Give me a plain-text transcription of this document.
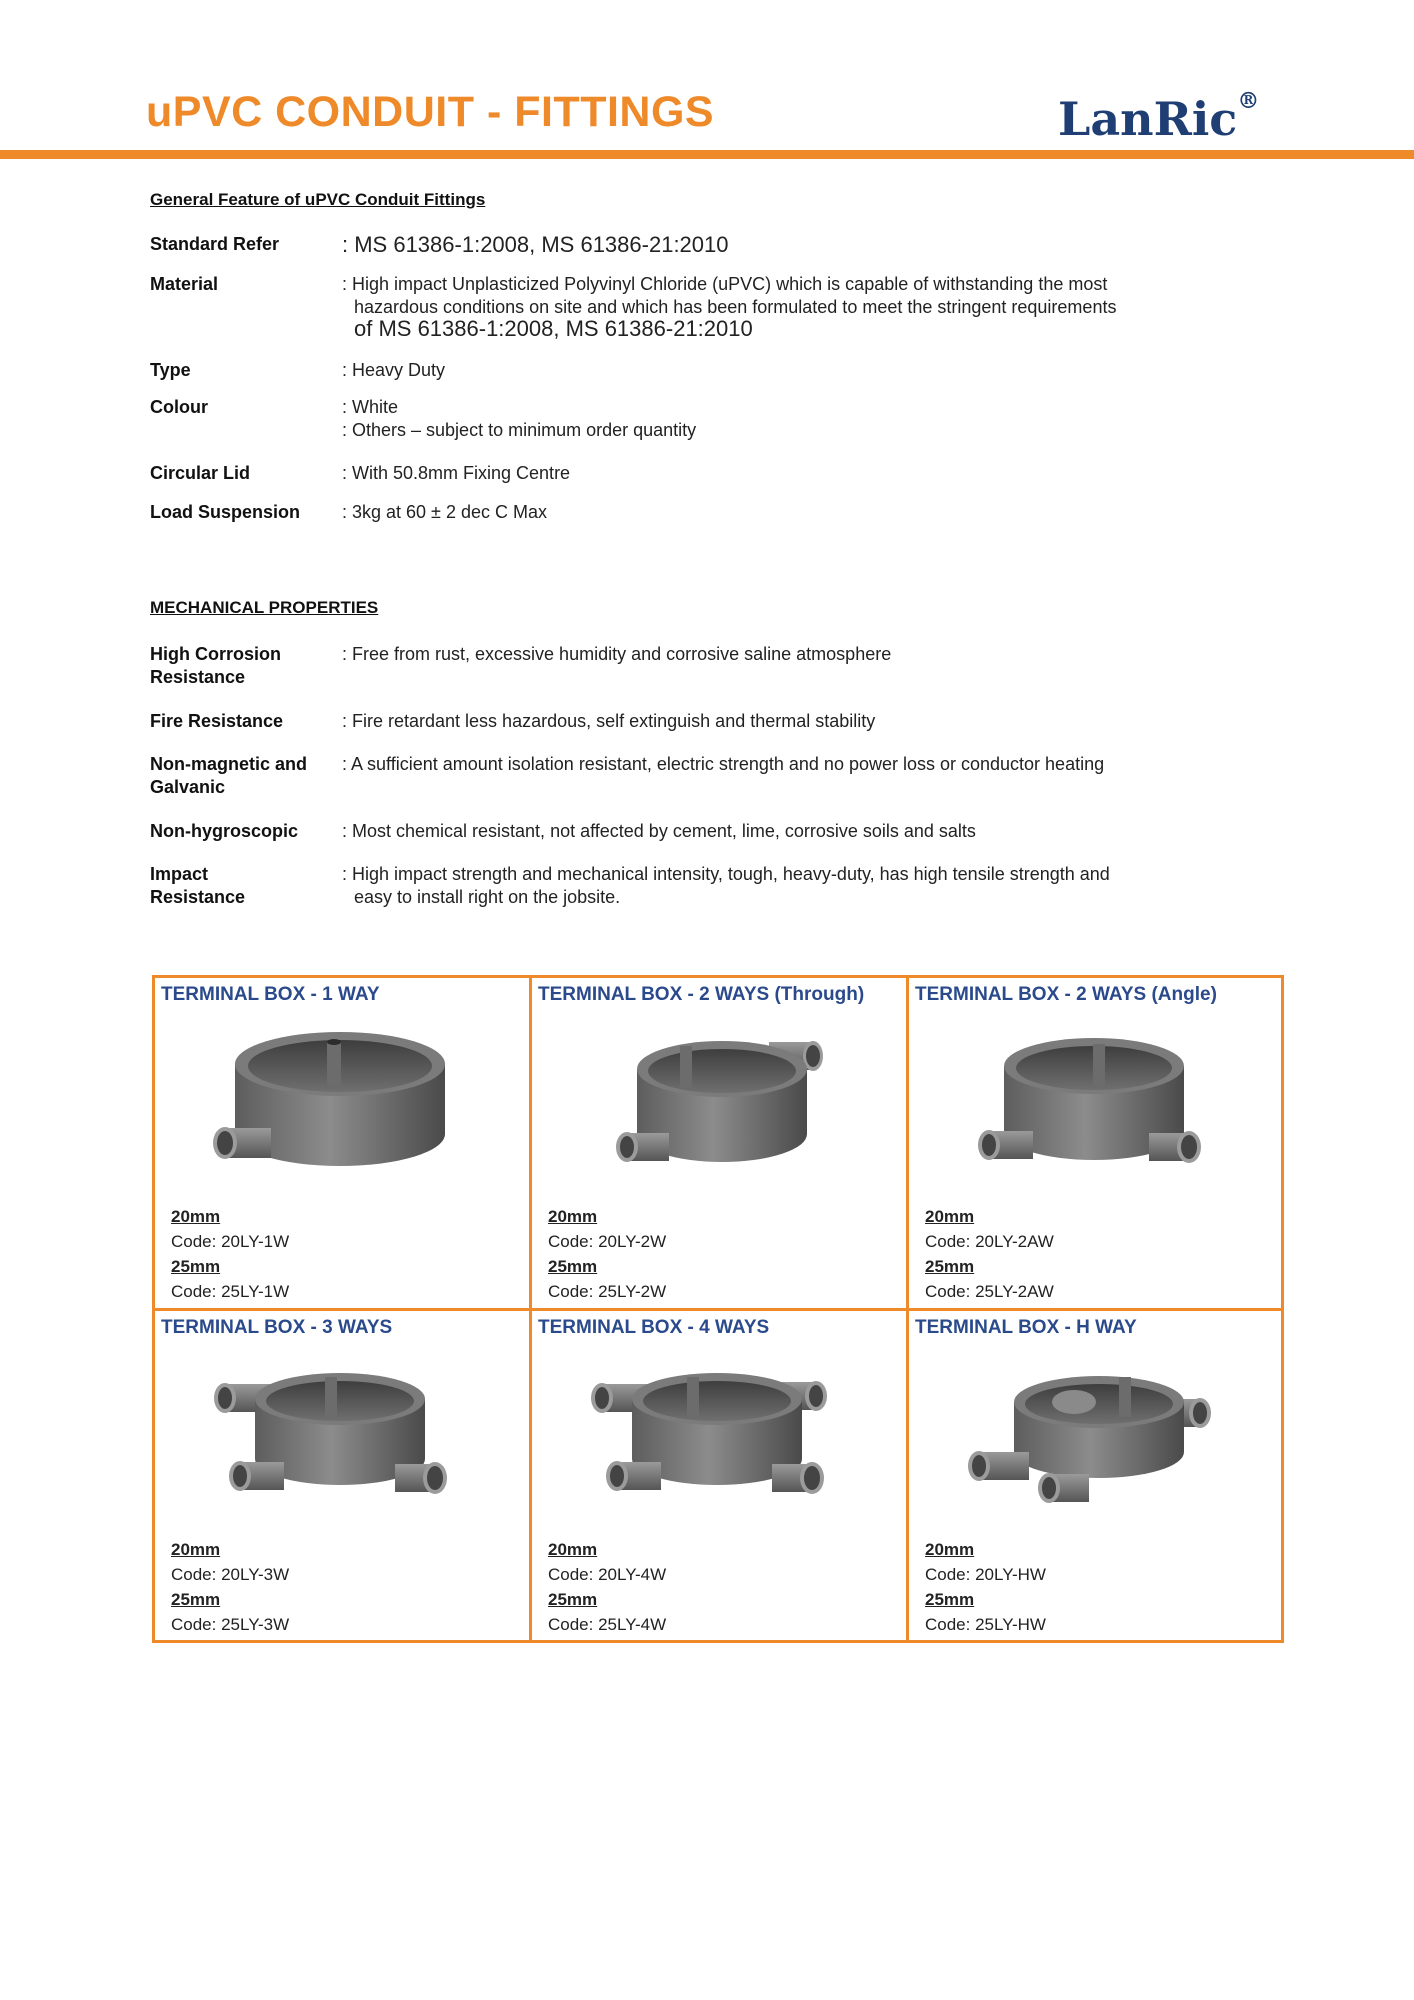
uPVC CONDUIT - FITTINGS	LanRic®
General Feature of uPVC Conduit Fittings
Standard Refer	: MS 61386-1:2008, MS 61386-21:2010
Material	: High impact Unplasticized Polyvinyl Chloride (uPVC) which is capable of withstanding the most
hazardous conditions on site and which has been formulated to meet the stringent requirements
of MS 61386-1:2008, MS 61386-21:2010
Type	: Heavy Duty
Colour	: White
: Others – subject to minimum order quantity
Circular Lid	: With 50.8mm Fixing Centre
Load Suspension	: 3kg at 60 ± 2 dec C Max
MECHANICAL PROPERTIES
High Corrosion Resistance
: Free from rust, excessive humidity and corrosive saline atmosphere
Fire Resistance	: Fire retardant less hazardous, self extinguish and thermal stability
Non-magnetic and Galvanic
: A sufficient amount isolation resistant, electric strength and no power loss or conductor heating
Non-hygroscopic	: Most chemical resistant, not affected by cement, lime, corrosive soils and salts
Impact Resistance
: High impact strength and mechanical intensity, tough, heavy-duty, has high tensile strength and
easy to install right on the jobsite.
TERMINAL BOX - 1 WAY
20mm
Code: 20LY-1W
25mm
Code: 25LY-1W
TERMINAL BOX - 2 WAYS (Through)
20mm
Code: 20LY-2W
25mm
Code: 25LY-2W
TERMINAL BOX - 2 WAYS (Angle)
20mm
Code: 20LY-2AW
25mm
Code: 25LY-2AW
TERMINAL BOX - 3 WAYS
20mm
Code: 20LY-3W
25mm
Code: 25LY-3W
TERMINAL BOX - 4 WAYS
20mm
Code: 20LY-4W
25mm
Code: 25LY-4W
TERMINAL BOX - H WAY
20mm
Code: 20LY-HW
25mm
Code: 25LY-HW
